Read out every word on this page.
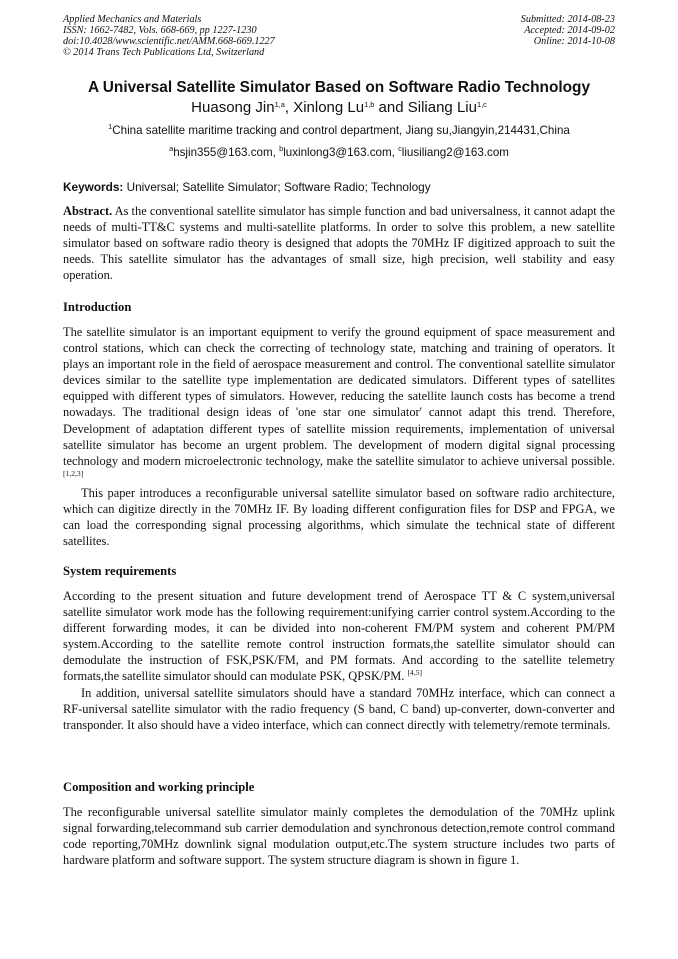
Applied Mechanics and Materials
ISSN: 1662-7482, Vols. 668-669, pp 1227-1230
doi:10.4028/www.scientific.net/AMM.668-669.1227
© 2014 Trans Tech Publications Ltd, Switzerland
Submitted: 2014-08-23
Accepted: 2014-09-02
Online: 2014-10-08
A Universal Satellite Simulator Based on Software Radio Technology
Huasong Jin$^{1,a}$, Xinlong Lu$^{1,b}$ and Siliang Liu$^{1,c}$
$^1$China satellite maritime tracking and control department, Jiang su,Jiangyin,214431,China
$^a$hsjin355@163.com, $^b$luxinlong3@163.com, $^c$liusiliang2@163.com
Keywords: Universal; Satellite Simulator; Software Radio; Technology

Abstract. As the conventional satellite simulator has simple function and bad universalness, it cannot adapt the needs of multi-TT&C systems and multi-satellite platforms. In order to solve this problem, a new satellite simulator based on software radio theory is designed that adopts the 70MHz IF digitized approach to suit the needs. This satellite simulator has the advantages of small size, high precision, well stability and easy operation.

Introduction

The satellite simulator is an important equipment to verify the ground equipment of space measurement and control stations, which can check the correcting of technology state, matching and training of operators. It plays an important role in the field of aerospace measurement and control. The conventional satellite simulator devices similar to the satellite type implementation are dedicated simulators. Different types of satellites equipped with different types of simulators. However, reducing the satellite launch costs has become a trend nowadays. The traditional design ideas of 'one star one simulator' cannot adapt this trend. Therefore, Development of adaptation different types of satellite mission requirements, implementation of universal satellite simulator has become an urgent problem. The development of modern digital signal processing technology and modern microelectronic technology, make the satellite simulator to achieve universal possible.[1,2,3]

This paper introduces a reconfigurable universal satellite simulator based on software radio architecture, which can digitize directly in the 70MHz IF. By loading different configuration files for DSP and FPGA, we can load the corresponding signal processing algorithms, which simulate the technical state of different satellites.

System requirements

According to the present situation and future development trend of Aerospace TT & C system,universal satellite simulator work mode has the following requirement:unifying carrier control system.According to the different forwarding modes, it can be divided into non-coherent FM/PM system and coherent PM/PM system.According to the satellite remote control instruction formats,the satellite simulator should can demodulate the instruction of FSK,PSK/FM, and PM formats. And according to the satellite telemetry formats,the satellite simulator should can modulate PSK, QPSK/PM. [4,5]

In addition, universal satellite simulators should have a standard 70MHz interface, which can connect a RF-universal satellite simulator with the radio frequency (S band, C band) up-converter, down-converter and transponder. It also should have a video interface, which can connect directly with telemetry/remote terminals.

Composition and working principle

The reconfigurable universal satellite simulator mainly completes the demodulation of the 70MHz uplink signal forwarding,telecommand sub carrier demodulation and synchronous detection,remote control command code reporting,70MHz downlink signal modulation output,etc.The system structure includes two parts of hardware platform and software support. The system structure diagram is shown in figure 1.
